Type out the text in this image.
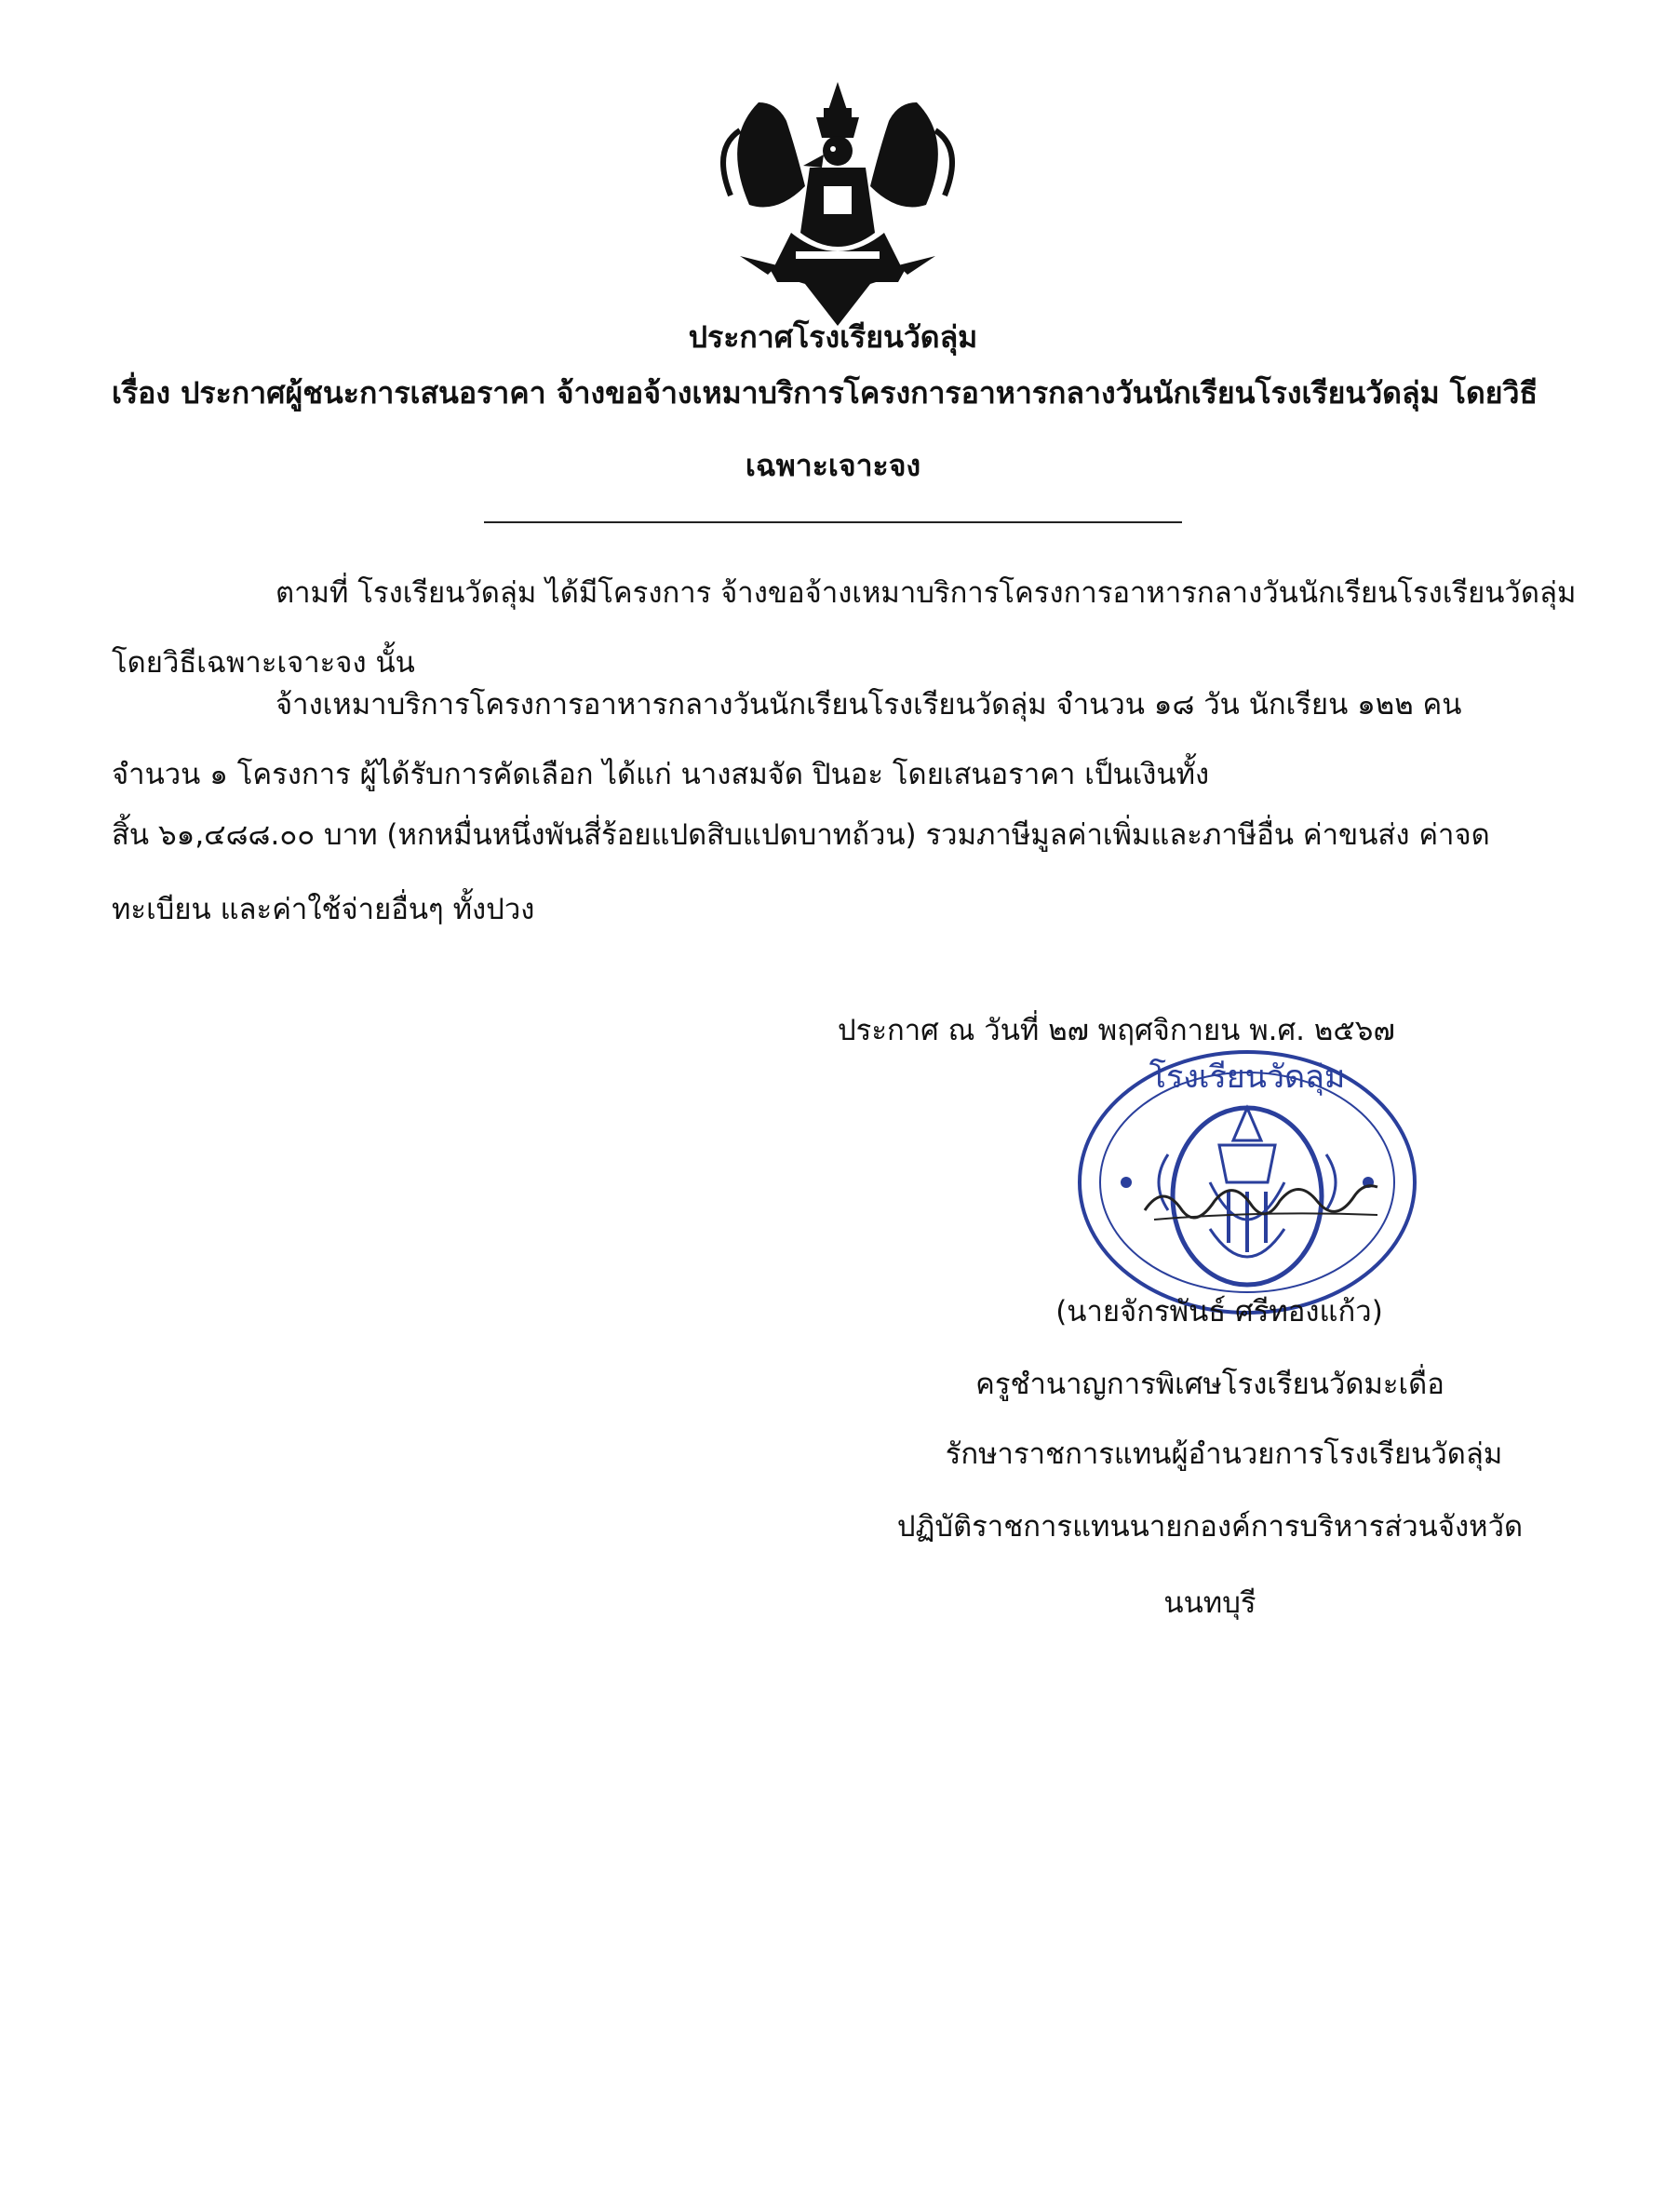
ประกาศโรงเรียนวัดลุ่ม
เรื่อง ประกาศผู้ชนะการเสนอราคา จ้างขอจ้างเหมาบริการโครงการอาหารกลางวันนักเรียนโรงเรียนวัดลุ่ม โดยวิธี
เฉพาะเจาะจง
ตามที่ โรงเรียนวัดลุ่ม ได้มีโครงการ จ้างขอจ้างเหมาบริการโครงการอาหารกลางวันนักเรียนโรงเรียนวัดลุ่ม
โดยวิธีเฉพาะเจาะจง นั้น
จ้างเหมาบริการโครงการอาหารกลางวันนักเรียนโรงเรียนวัดลุ่ม จำนวน ๑๘ วัน นักเรียน ๑๒๒ คน
จำนวน ๑ โครงการ ผู้ได้รับการคัดเลือก ได้แก่ นางสมจัด ปินอะ โดยเสนอราคา เป็นเงินทั้ง
สิ้น ๖๑,๔๘๘.๐๐ บาท (หกหมื่นหนึ่งพันสี่ร้อยแปดสิบแปดบาทถ้วน) รวมภาษีมูลค่าเพิ่มและภาษีอื่น ค่าขนส่ง ค่าจด
ทะเบียน และค่าใช้จ่ายอื่นๆ ทั้งปวง
ประกาศ ณ วันที่ ๒๗ พฤศจิกายน พ.ศ. ๒๕๖๗
โรงเรียนวัดลุ่ม
(นายจักรพันธ์ ศรีทองแก้ว)
ครูชำนาญการพิเศษโรงเรียนวัดมะเดื่อ
รักษาราชการแทนผู้อำนวยการโรงเรียนวัดลุ่ม
ปฏิบัติราชการแทนนายกองค์การบริหารส่วนจังหวัด
นนทบุรี
